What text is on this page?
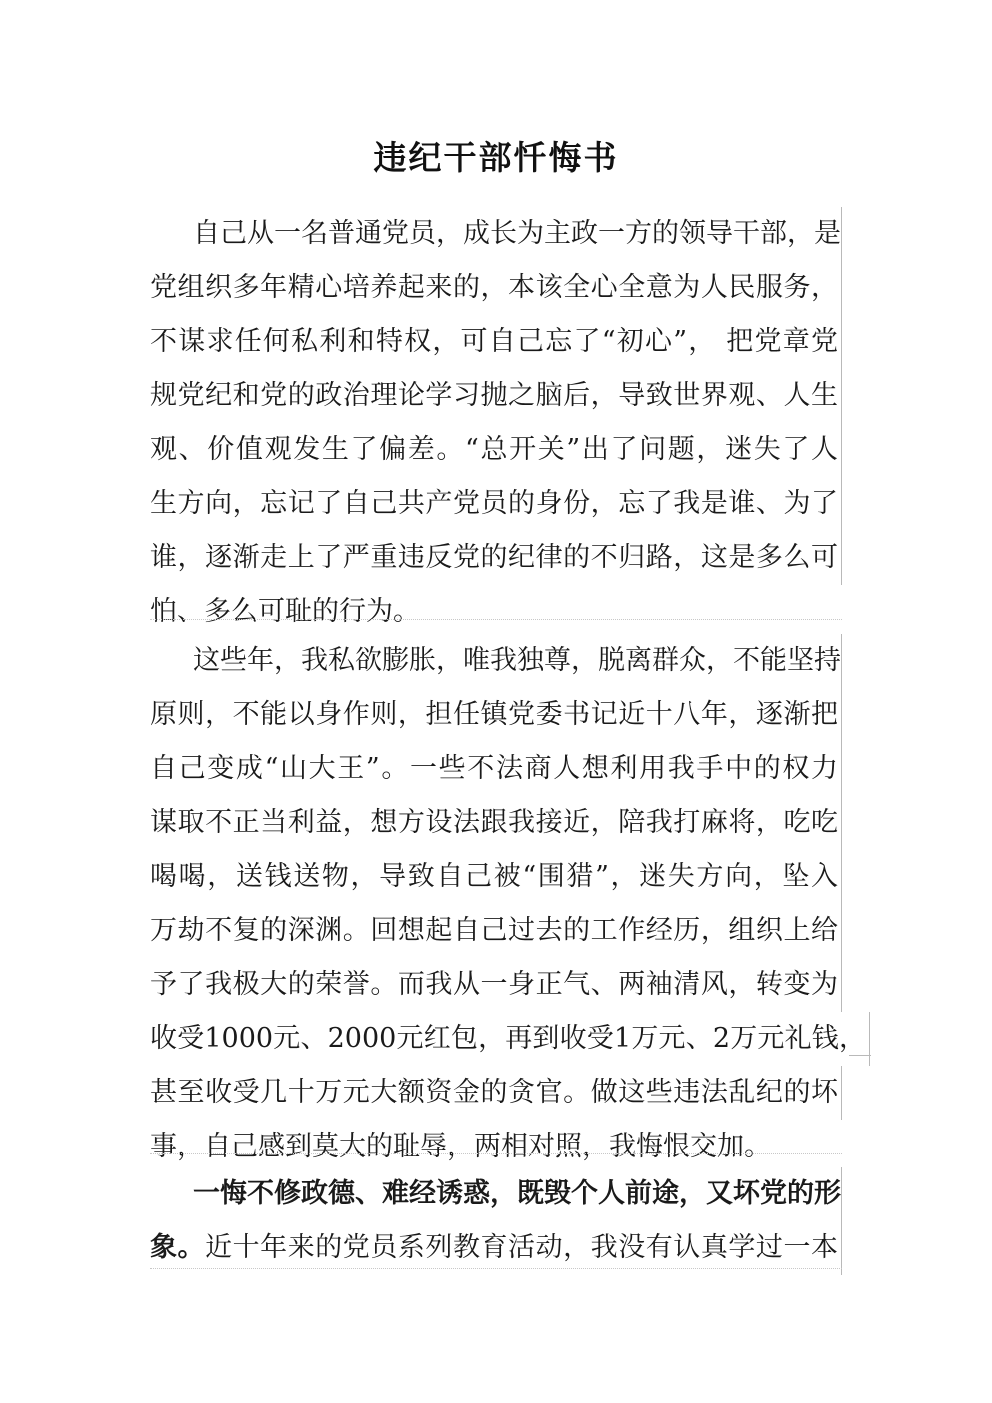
违纪干部忏悔书
自己从一名普通党员，成长为主政一方的领导干部，是
党组织多年精心培养起来的，本该全心全意为人民服务，
不谋求任何私利和特权，可自己忘了“初心”， 把党章党
规党纪和党的政治理论学习抛之脑后，导致世界观、人生
观、价值观发生了偏差。“总开关”出了问题，迷失了人
生方向，忘记了自己共产党员的身份，忘了我是谁、为了
谁，逐渐走上了严重违反党的纪律的不归路，这是多么可
怕、多么可耻的行为。
这些年，我私欲膨胀，唯我独尊，脱离群众，不能坚持
原则，不能以身作则，担任镇党委书记近十八年，逐渐把
自己变成“山大王”。一些不法商人想利用我手中的权力
谋取不正当利益，想方设法跟我接近，陪我打麻将，吃吃
喝喝，送钱送物，导致自己被“围猎”，迷失方向，坠入
万劫不复的深渊。回想起自己过去的工作经历，组织上给
予了我极大的荣誉。而我从一身正气、两袖清风，转变为
收受1000元、2000元红包，再到收受1万元、2万元礼钱，
甚至收受几十万元大额资金的贪官。做这些违法乱纪的坏
事，自己感到莫大的耻辱，两相对照，我悔恨交加。
一悔不修政德、难经诱惑，既毁个人前途，又坏党的形
象。近十年来的党员系列教育活动，我没有认真学过一本
